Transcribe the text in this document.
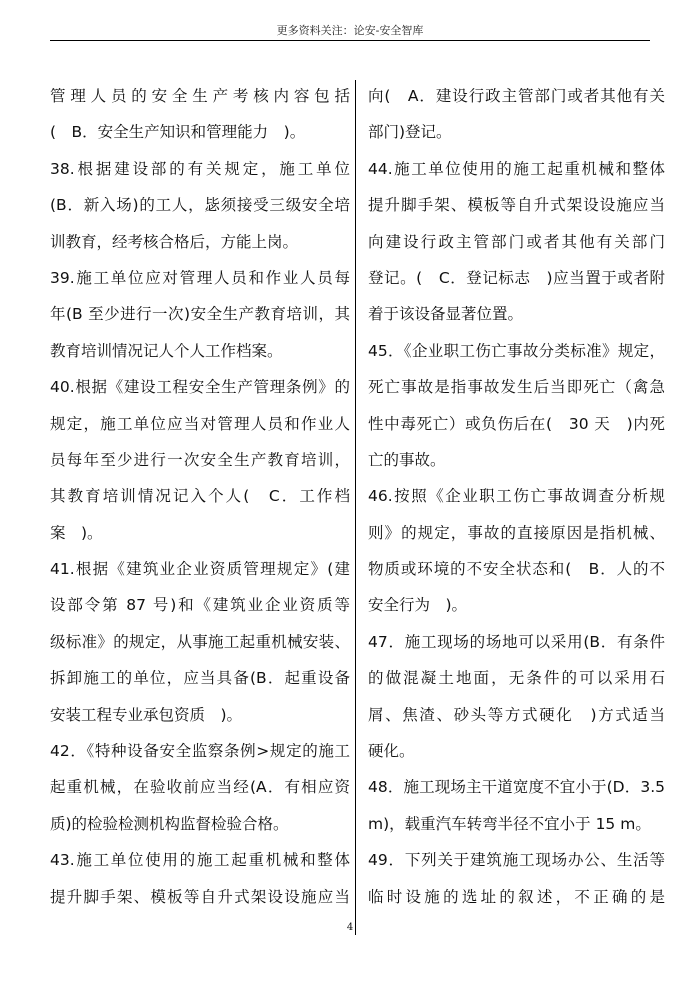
更多资料关注：论安-安全智库
管理人员的安全生产考核内容包括
(　B．安全生产知识和管理能力　)。
38.根据建设部的有关规定，施工单位
(B．新入场)的工人，毖须接受三级安全培
训教育，经考核合格后，方能上岗。
39.施工单位应对管理人员和作业人员每
年(B 至少进行一次)安全生产教育培训，其
教育培训情况记人个人工作档案。
40.根据《建设工程安全生产管理条例》的
规定，施工单位应当对管理人员和作业人
员每年至少进行一次安全生产教育培训，
其教育培训情况记入个人(　C．工作档
案　)。
41.根据《建筑业企业资质管理规定》(建
设部令第 87 号)和《建筑业企业资质等
级标准》的规定，从事施工起重机械安装、
拆卸施工的单位，应当具备(B．起重设备
安装工程专业承包资质　)。
42．《特种设备安全监察条例>规定的施工
起重机械，在验收前应当经(A．有相应资
质)的检验检测机构监督检验合格。
43.施工单位使用的施工起重机械和整体
提升脚手架、模板等自升式架设设施应当
向(　A．建设行政主管部门或者其他有关
部门)登记。
44.施工单位使用的施工起重机械和整体
提升脚手架、模板等自升式架设设施应当
向建设行政主管部门或者其他有关部门
登记。(　C．登记标志　)应当置于或者附
着于该设备显著位置。
45．《企业职工伤亡事故分类标准》规定，
死亡事故是指事故发生后当即死亡（禽急
性中毒死亡）或负伤后在(　30 天　)内死
亡的事故。
46.按照《企业职工伤亡事故调查分析规
则》的规定，事故的直接原因是指机械、
物质或环境的不安全状态和(　B．人的不
安全行为　)。
47．施工现场的场地可以采用(B．有条件
的做混凝土地面，无条件的可以采用石
屑、焦渣、砂头等方式硬化　)方式适当
硬化。
48．施工现场主干道宽度不宜小于(D．3.5
m)，载重汽车转弯半径不宜小于 15 m。
49．下列关于建筑施工现场办公、生活等
临时设施的选址的叙述，不正确的是
4
